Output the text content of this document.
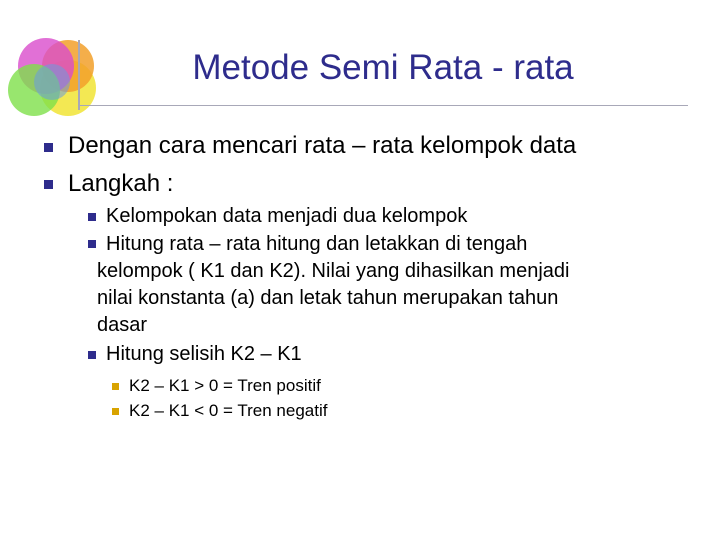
Metode Semi Rata - rata
Dengan cara mencari rata – rata kelompok data
Langkah :
Kelompokan data menjadi dua kelompok
Hitung rata – rata hitung dan letakkan di tengah
kelompok ( K1 dan K2). Nilai yang dihasilkan menjadi
nilai konstanta (a) dan letak tahun merupakan tahun
dasar
Hitung selisih K2 – K1
K2 – K1 > 0 = Tren positif
K2 – K1 < 0 = Tren negatif
